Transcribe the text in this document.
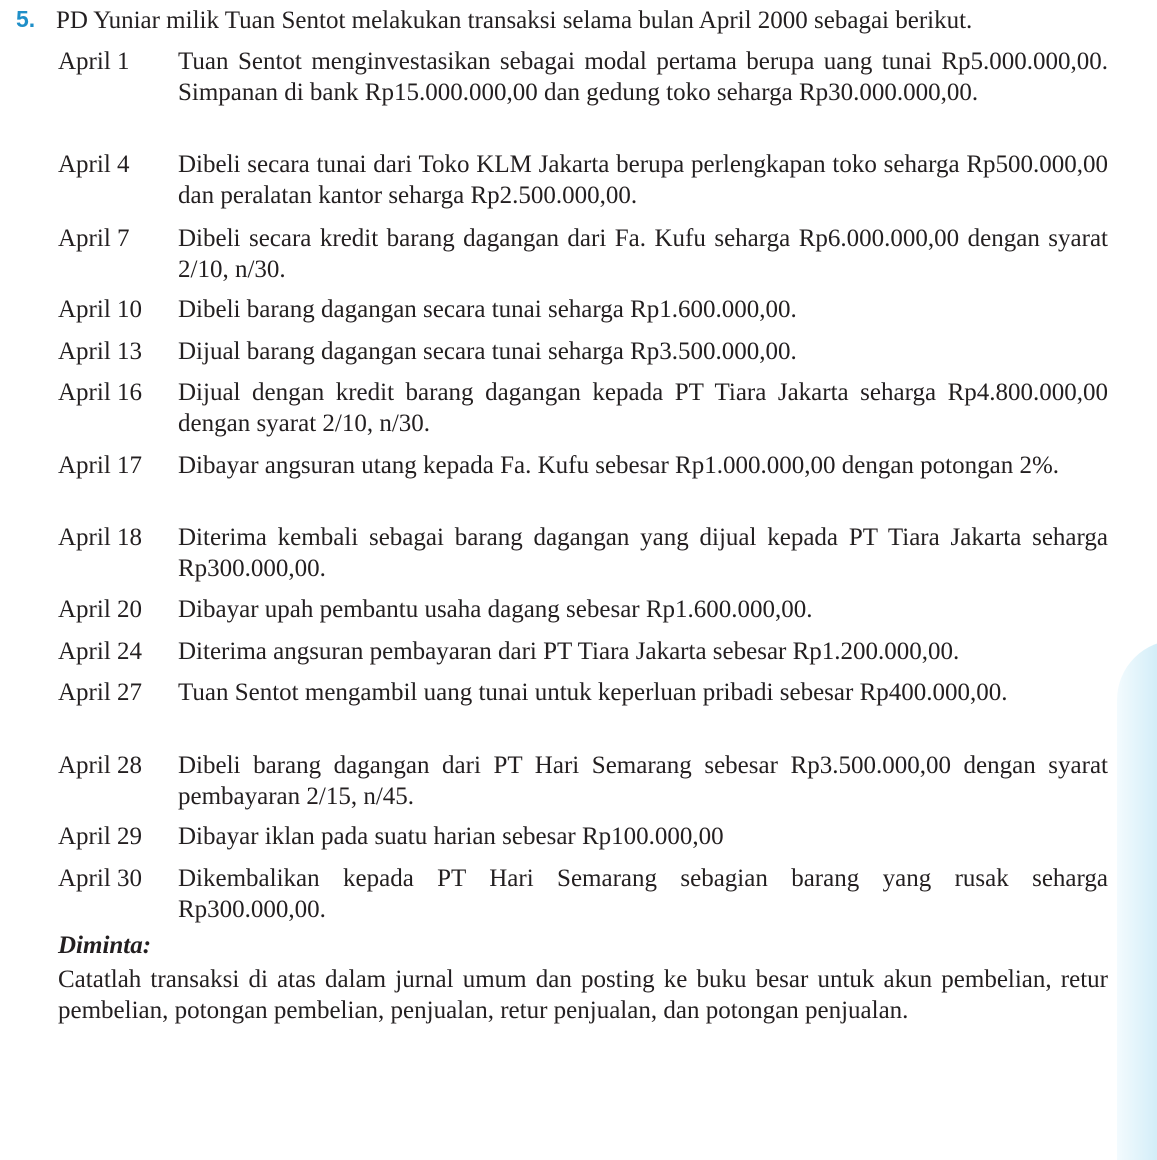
5. PD Yuniar milik Tuan Sentot melakukan transaksi selama bulan April 2000 sebagai berikut.
April 1	Tuan Sentot menginvestasikan sebagai modal pertama berupa uang tunai Rp5.000.000,00. Simpanan di bank Rp15.000.000,00 dan gedung toko seharga Rp30.000.000,00.
April 4	Dibeli secara tunai dari Toko KLM Jakarta berupa perlengkapan toko seharga Rp500.000,00 dan peralatan kantor seharga Rp2.500.000,00.
April 7	Dibeli secara kredit barang dagangan dari Fa. Kufu seharga Rp6.000.000,00 dengan syarat 2/10, n/30.
April 10	Dibeli barang dagangan secara tunai seharga Rp1.600.000,00.
April 13	Dijual barang dagangan secara tunai seharga Rp3.500.000,00.
April 16	Dijual dengan kredit barang dagangan kepada PT Tiara Jakarta seharga Rp4.800.000,00 dengan syarat 2/10, n/30.
April 17	Dibayar angsuran utang kepada Fa. Kufu sebesar Rp1.000.000,00 dengan potongan 2%.
April 18	Diterima kembali sebagai barang dagangan yang dijual kepada PT Tiara Jakarta seharga Rp300.000,00.
April 20	Dibayar upah pembantu usaha dagang sebesar Rp1.600.000,00.
April 24	Diterima angsuran pembayaran dari PT Tiara Jakarta sebesar Rp1.200.000,00.
April 27	Tuan Sentot mengambil uang tunai untuk keperluan pribadi sebesar Rp400.000,00.
April 28	Dibeli barang dagangan dari PT Hari Semarang sebesar Rp3.500.000,00 dengan syarat pembayaran 2/15, n/45.
April 29	Dibayar iklan pada suatu harian sebesar Rp100.000,00
April 30	Dikembalikan kepada PT Hari Semarang sebagian barang yang rusak seharga Rp300.000,00.
Diminta:
Catatlah transaksi di atas dalam jurnal umum dan posting ke buku besar untuk akun pembelian, retur pembelian, potongan pembelian, penjualan, retur penjualan, dan potongan penjualan.
